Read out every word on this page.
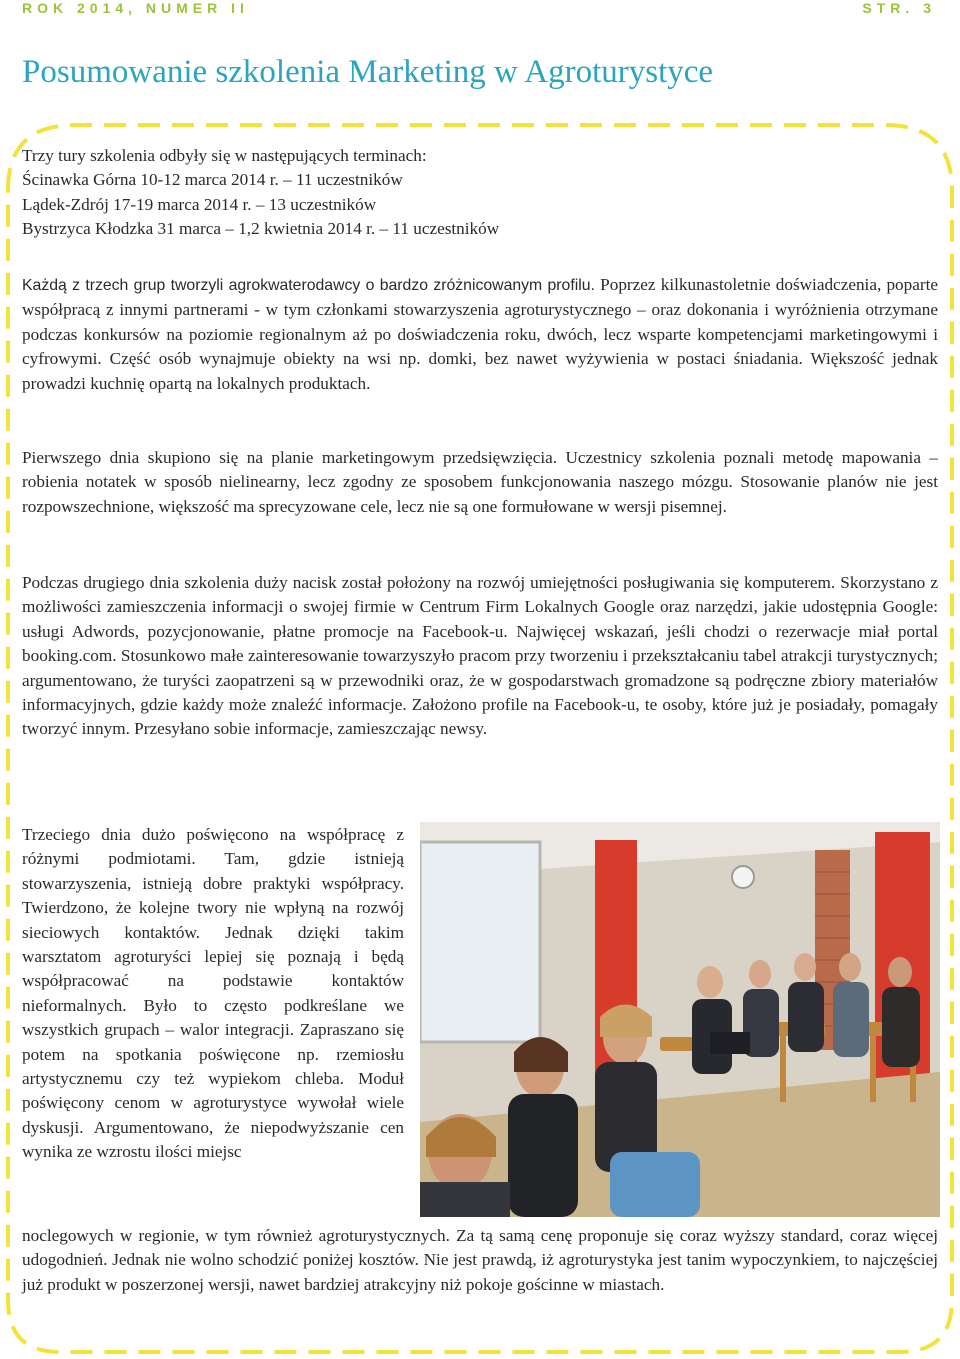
ROK 2014, NUMER II	STR. 3
Posumowanie szkolenia Marketing w Agroturystyce
Trzy tury szkolenia odbyły się w następujących terminach:
Ścinawka Górna 10-12 marca 2014 r. – 11 uczestników
Lądek-Zdrój 17-19 marca 2014 r. – 13 uczestników
Bystrzyca Kłodzka 31 marca – 1,2 kwietnia 2014 r. – 11 uczestników

Każdą z trzech grup tworzyli agrokwaterodawcy o bardzo zróżnicowanym profilu. Poprzez kilkunastoletnie doświadczenia, poparte współpracą z innymi partnerami - w tym członkami stowarzyszenia agroturystycznego – oraz dokonania i wyróżnienia otrzymane podczas konkursów na poziomie regionalnym aż po doświadczenia roku, dwóch, lecz wsparte kompetencjami marketingowymi i cyfrowymi. Część osób wynajmuje obiekty na wsi np. domki, bez nawet wyżywienia w postaci śniadania. Większość jednak prowadzi kuchnię opartą na lokalnych produktach.

Pierwszego dnia skupiono się na planie marketingowym przedsięwzięcia. Uczestnicy szkolenia poznali metodę mapowania – robienia notatek w sposób nielinearny, lecz zgodny ze sposobem funkcjonowania naszego mózgu. Stosowanie planów nie jest rozpowszechnione, większość ma sprecyzowane cele, lecz nie są one formułowane w wersji pisemnej.

Podczas drugiego dnia szkolenia duży nacisk został położony na rozwój umiejętności posługiwania się komputerem. Skorzystano z możliwości zamieszczenia informacji o swojej firmie w Centrum Firm Lokalnych Google oraz narzędzi, jakie udostępnia Google: usługi Adwords, pozycjonowanie, płatne promocje na Facebook-u. Najwięcej wskazań, jeśli chodzi o rezerwacje miał portal booking.com. Stosunkowo małe zainteresowanie towarzyszyło pracom przy tworzeniu i przekształcaniu tabel atrakcji turystycznych; argumentowano, że turyści zaopatrzeni są w przewodniki oraz, że w gospodarstwach gromadzone są podręczne zbiory materiałów informacyjnych, gdzie każdy może znaleźć informacje. Założono profile na Facebook-u, te osoby, które już je posiadały, pomagały tworzyć innym. Przesyłano sobie informacje, zamieszczając newsy.

Trzeciego dnia dużo poświęcono na współpracę z różnymi podmiotami. Tam, gdzie istnieją stowarzyszenia, istnieją dobre praktyki współpracy. Twierdzono, że kolejne twory nie wpłyną na rozwój sieciowych kontaktów. Jednak dzięki takim warsztatom agroturyści lepiej się poznają i będą współpracować na podstawie kontaktów nieformalnych. Było to często podkreślane we wszystkich grupach – walor integracji. Zapraszano się potem na spotkania poświęcone np. rzemiosłu artystycznemu czy też wypiekom chleba. Moduł poświęcony cenom w agroturystyce wywołał wiele dyskusji. Argumentowano, że niepodwyższanie cen wynika ze wzrostu ilości miejsc

noclegowych w regionie, w tym również agroturystycznych. Za tą samą cenę proponuje się coraz wyższy standard, coraz więcej udogodnień. Jednak nie wolno schodzić poniżej kosztów. Nie jest prawdą, iż agroturystyka jest tanim wypoczynkiem, to najczęściej już produkt w poszerzonej wersji, nawet bardziej atrakcyjny niż pokoje gościnne w miastach.
